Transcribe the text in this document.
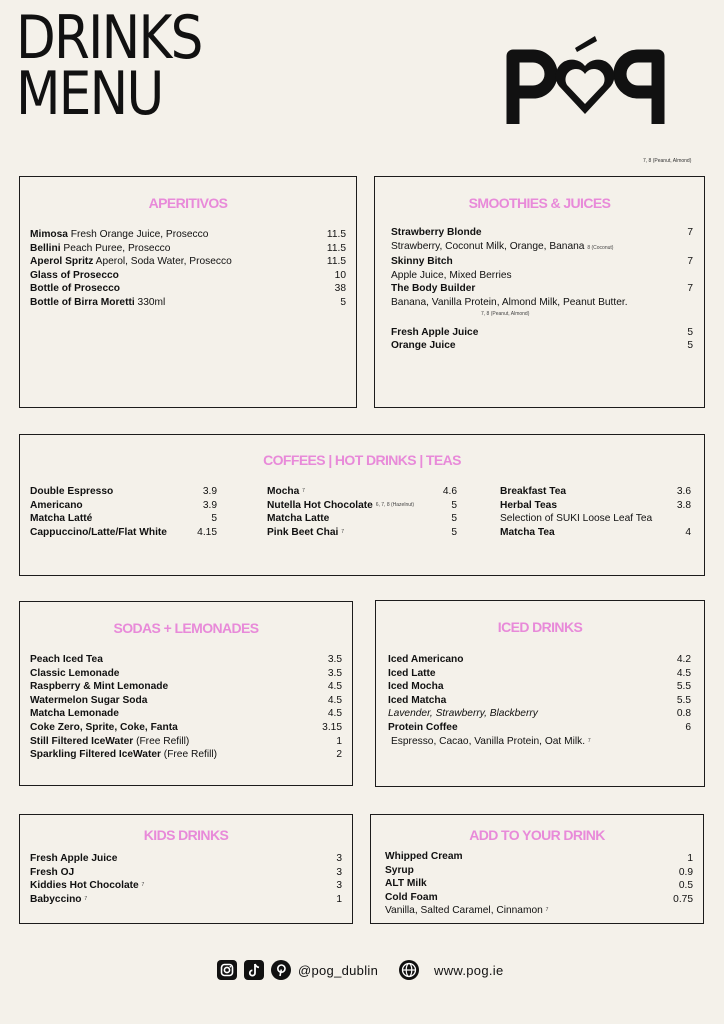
DRINKS
MENU
7, 8 (Peanut, Almond)
APERITIVOS
Mimosa Fresh Orange Juice, Prosecco	11.5
Bellini Peach Puree, Prosecco	11.5
Aperol Spritz Aperol, Soda Water, Prosecco	11.5
Glass of Prosecco	10
Bottle of Prosecco	38
Bottle of Birra Moretti 330ml	5
SMOOTHIES & JUICES
Strawberry Blonde	7
Strawberry, Coconut Milk, Orange, Banana 8 (Coconut)
Skinny Bitch	7
Apple Juice, Mixed Berries
The Body Builder	7
Banana, Vanilla Protein, Almond Milk, Peanut Butter.
7, 8 (Peanut, Almond)
Fresh Apple Juice	5
Orange Juice	5
COFFEES | HOT DRINKS | TEAS
Double Espresso	3.9
Americano	3.9
Matcha Latté	5
Cappuccino/Latte/Flat White	4.15
Mocha $^7$	4.6
Nutella Hot Chocolate $^{6, 7, 8 (Hazelnut)}$	5
Matcha Latte	5
Pink Beet Chai $^7$	5
Breakfast Tea	3.6
Herbal Teas	3.8
Selection of SUKI Loose Leaf Tea
Matcha Tea	4
SODAS + LEMONADES
Peach Iced Tea	3.5
Classic Lemonade	3.5
Raspberry & Mint Lemonade	4.5
Watermelon Sugar Soda	4.5
Matcha Lemonade	4.5
Coke Zero, Sprite, Coke, Fanta	3.15
Still Filtered IceWater (Free Refill)	1
Sparkling Filtered IceWater (Free Refill)	2
ICED DRINKS
Iced Americano	4.2
Iced Latte	4.5
Iced Mocha	5.5
Iced Matcha	5.5
Lavender, Strawberry, Blackberry	0.8
Protein Coffee	6
Espresso, Cacao, Vanilla Protein, Oat Milk. $^7$
KIDS DRINKS
Fresh Apple Juice	3
Fresh OJ	3
Kiddies Hot Chocolate $^7$	3
Babyccino $^7$	1
ADD TO YOUR DRINK
Whipped Cream	1
Syrup	0.9
ALT Milk	0.5
Cold Foam	0.75
Vanilla, Salted Caramel, Cinnamon $^7$
@pog_dublin	www.pog.ie
